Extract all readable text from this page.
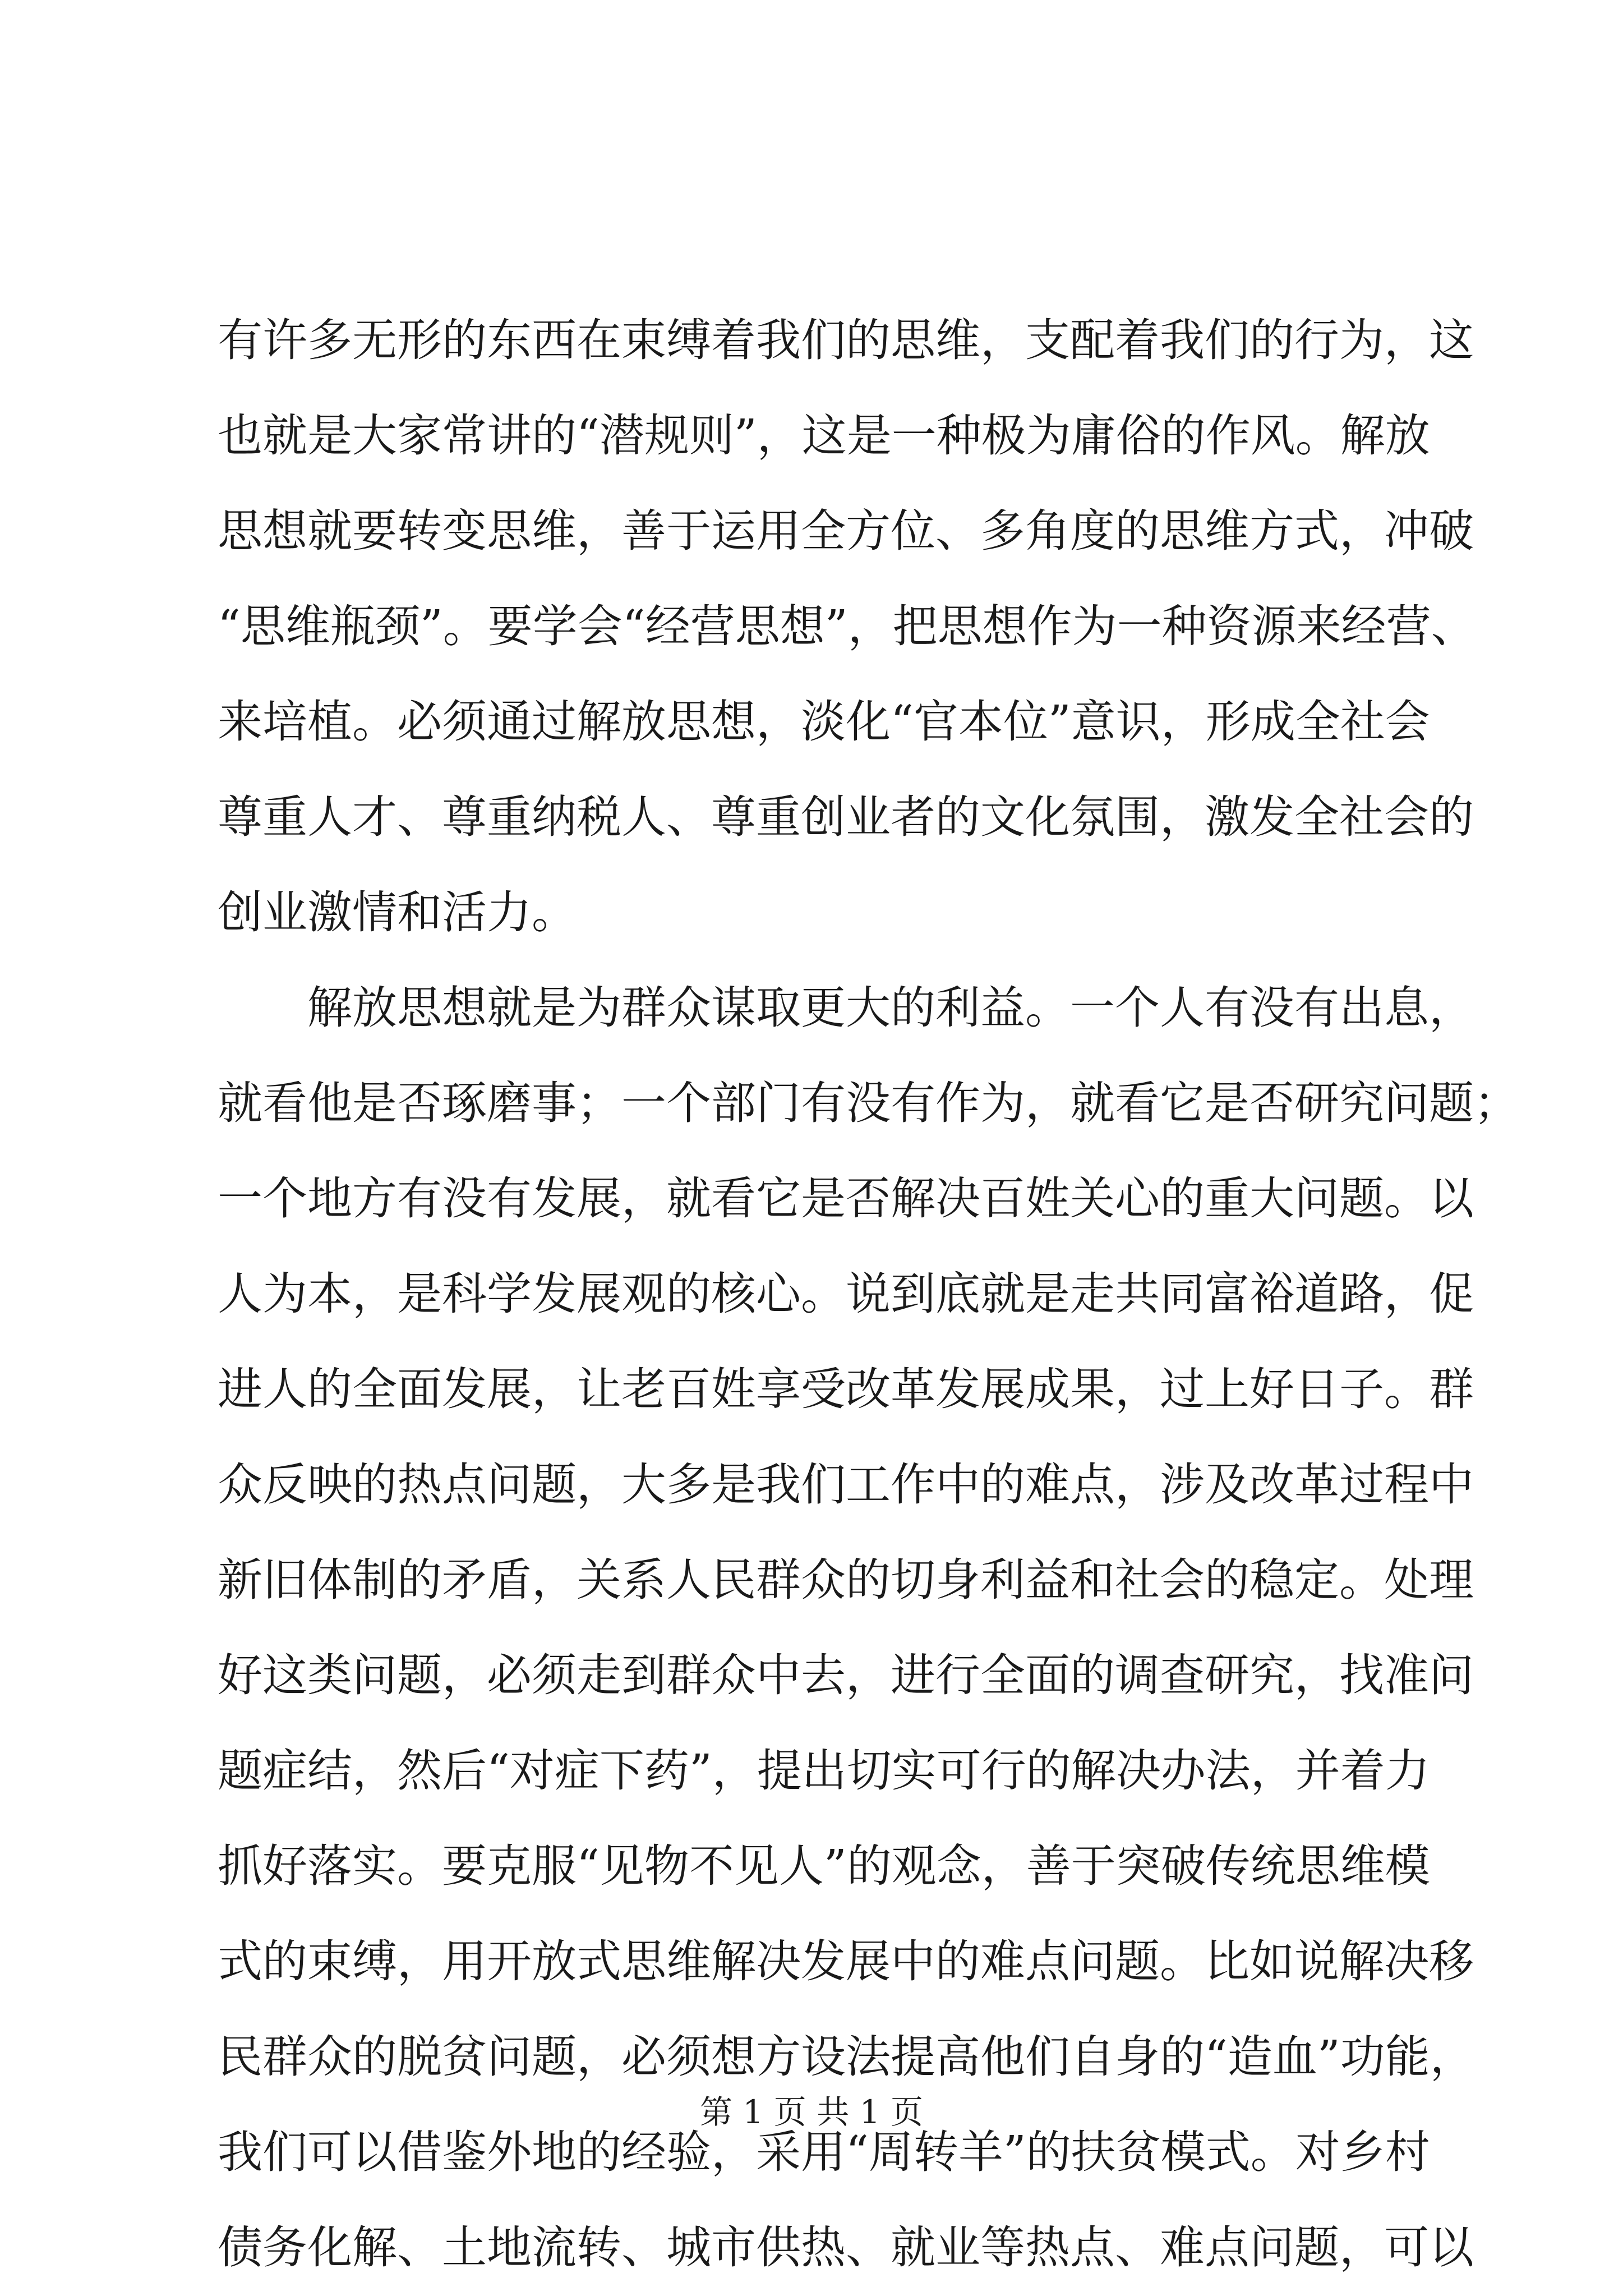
有许多无形的东西在束缚着我们的思维，支配着我们的行为，这
也就是大家常讲的“潜规则”，这是一种极为庸俗的作风。解放
思想就要转变思维，善于运用全方位、多角度的思维方式，冲破
“思维瓶颈”。要学会“经营思想”，把思想作为一种资源来经营、
来培植。必须通过解放思想，淡化“官本位”意识，形成全社会
尊重人才、尊重纳税人、尊重创业者的文化氛围，激发全社会的
创业激情和活力。
解放思想就是为群众谋取更大的利益。一个人有没有出息，
就看他是否琢磨事；一个部门有没有作为，就看它是否研究问题；
一个地方有没有发展，就看它是否解决百姓关心的重大问题。以
人为本，是科学发展观的核心。说到底就是走共同富裕道路，促
进人的全面发展，让老百姓享受改革发展成果，过上好日子。群
众反映的热点问题，大多是我们工作中的难点，涉及改革过程中
新旧体制的矛盾，关系人民群众的切身利益和社会的稳定。处理
好这类问题，必须走到群众中去，进行全面的调查研究，找准问
题症结，然后“对症下药”，提出切实可行的解决办法，并着力
抓好落实。要克服“见物不见人”的观念，善于突破传统思维模
式的束缚，用开放式思维解决发展中的难点问题。比如说解决移
民群众的脱贫问题，必须想方设法提高他们自身的“造血”功能，
我们可以借鉴外地的经验，采用“周转羊”的扶贫模式。对乡村
债务化解、土地流转、城市供热、就业等热点、难点问题，可以
第 1 页 共 1 页
